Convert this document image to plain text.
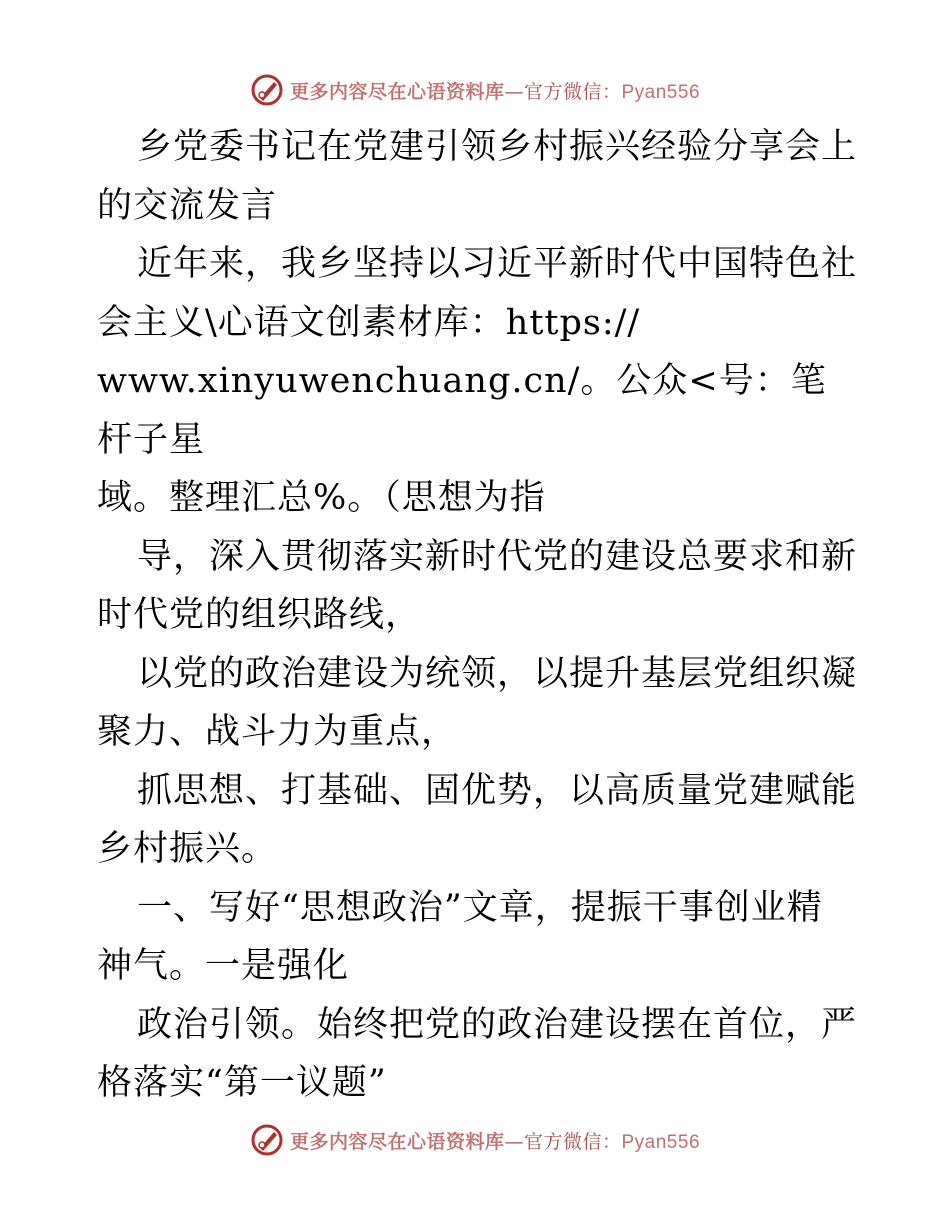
更多内容尽在心语资料库—官方微信：Pyan556

乡党委书记在党建引领乡村振兴经验分享会上的交流发言

近年来，我乡坚持以习近平新时代中国特色社会主义\心语文创素材库：https://
www.xinyuwenchuang.cn/。公众<号：笔杆子星
域。整理汇总%。（思想为指

导，深入贯彻落实新时代党的建设总要求和新时代党的组织路线，

以党的政治建设为统领，以提升基层党组织凝聚力、战斗力为重点，

抓思想、打基础、固优势，以高质量党建赋能乡村振兴。

一、写好“思想政治”文章，提振干事创业精神气。一是强化

政治引领。始终把党的政治建设摆在首位，严格落实“第一议题”

更多内容尽在心语资料库—官方微信：Pyan556
